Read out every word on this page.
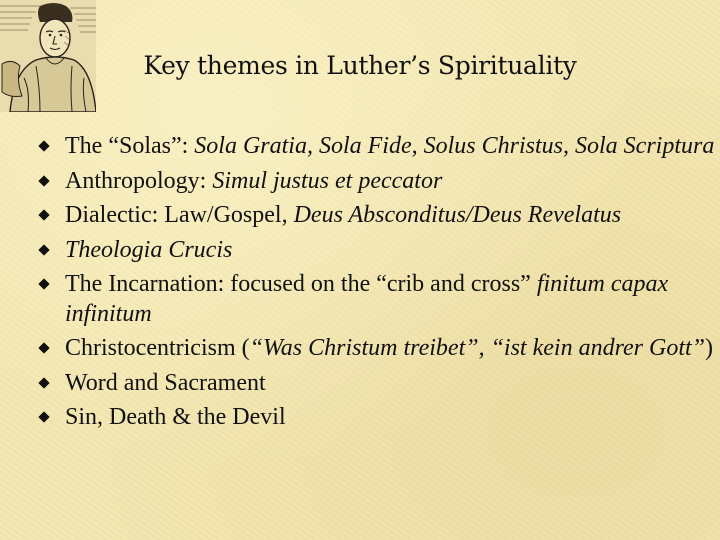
Key themes in Luther’s Spirituality
The “Solas”: Sola Gratia, Sola Fide, Solus Christus, Sola Scriptura
Anthropology: Simul justus et peccator
Dialectic: Law/Gospel, Deus Absconditus/Deus Revelatus
Theologia Crucis
The Incarnation: focused on the “crib and cross” finitum capax infinitum
Christocentricism (“Was Christum treibet”, “ist kein andrer Gott”)
Word and Sacrament
Sin, Death & the Devil
